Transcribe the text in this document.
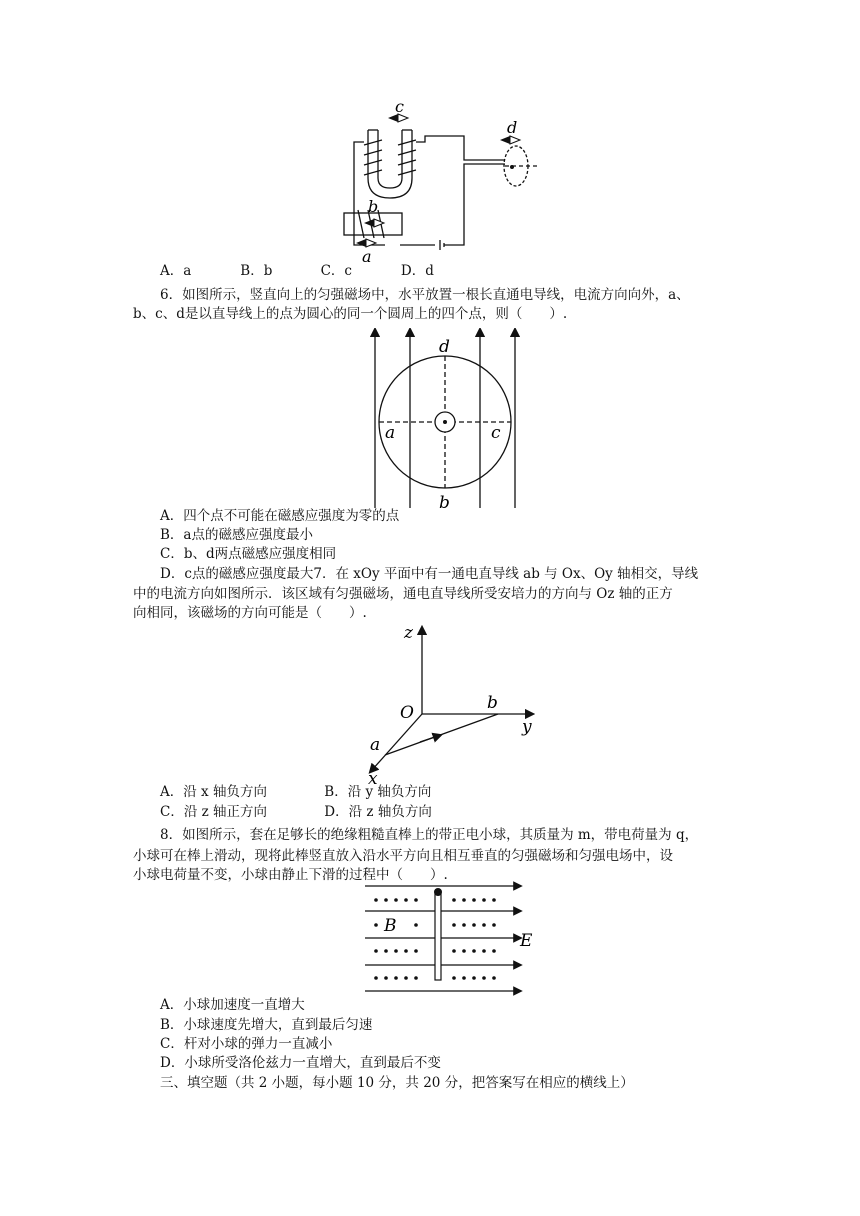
c
d
b
a
A．a	B．b	C．c	D．d
6．如图所示，竖直向上的匀强磁场中，水平放置一根长直通电导线，电流方向向外，a、
b、c、d是以直导线上的点为圆心的同一个圆周上的四个点，则（　　）.
d
a	c
b
A．四个点不可能在磁感应强度为零的点
B．a点的磁感应强度最小
C．b、d两点磁感应强度相同
D．c点的磁感应强度最大7．在 xOy 平面中有一通电直导线 ab 与 Ox、Oy 轴相交，导线
中的电流方向如图所示．该区域有匀强磁场，通电直导线所受安培力的方向与 Oz 轴的正方
向相同，该磁场的方向可能是（　　）.
z
O	b
y
a
x
A．沿 x 轴负方向	B．沿 y 轴负方向
C．沿 z 轴正方向	D．沿 z 轴负方向
8．如图所示，套在足够长的绝缘粗糙直棒上的带正电小球，其质量为 m，带电荷量为 q，
小球可在棒上滑动，现将此棒竖直放入沿水平方向且相互垂直的匀强磁场和匀强电场中，设
小球电荷量不变，小球由静止下滑的过程中（　　）.
B
E
A．小球加速度一直增大
B．小球速度先增大，直到最后匀速
C．杆对小球的弹力一直减小
D．小球所受洛伦兹力一直增大，直到最后不变
三、填空题（共 2 小题，每小题 10 分，共 20 分，把答案写在相应的横线上）
